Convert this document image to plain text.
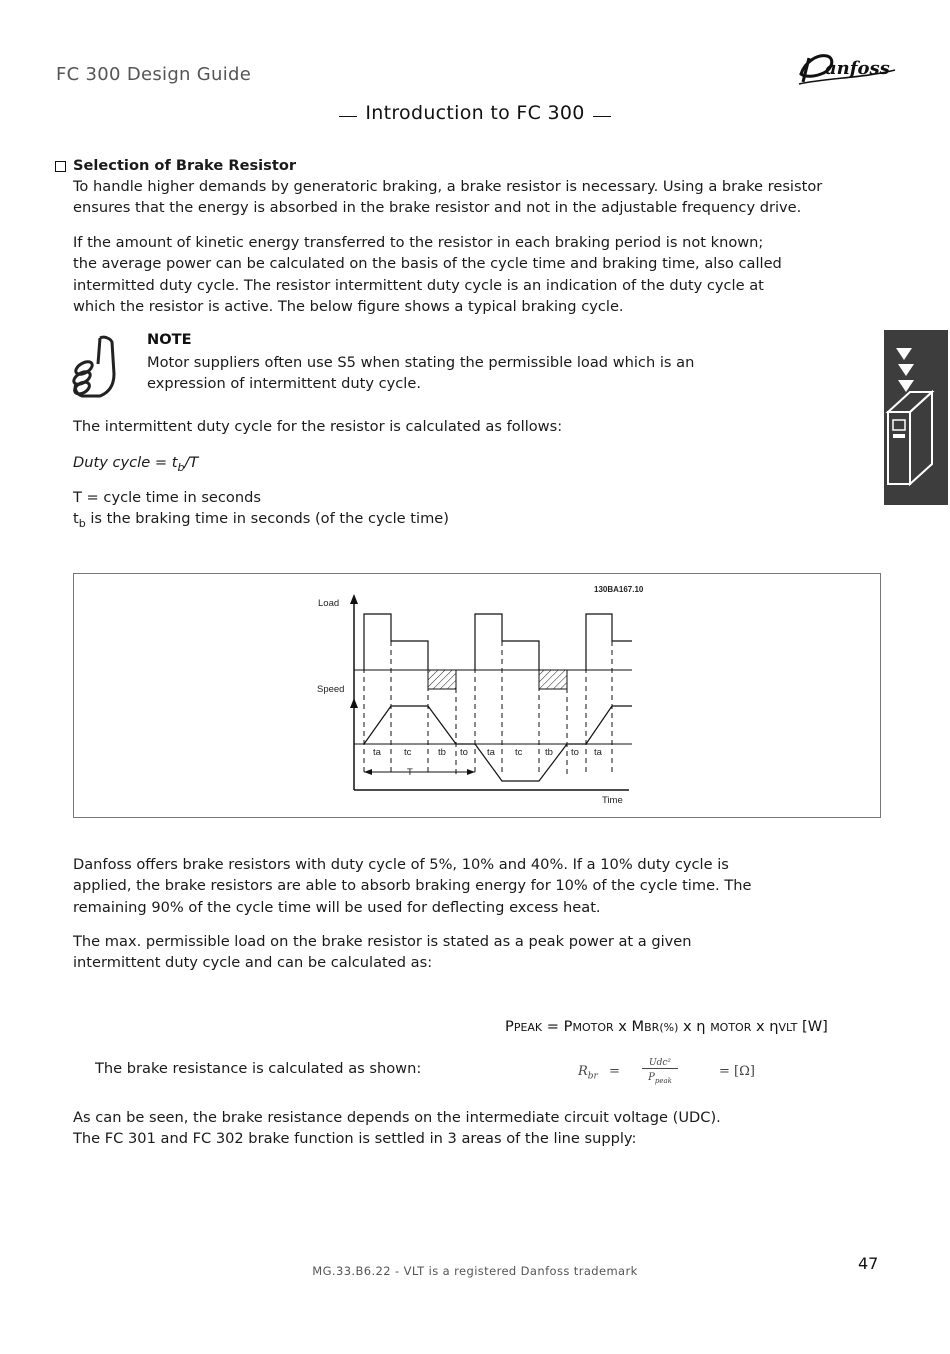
FC 300 Design Guide	anfoss
Introduction to FC 300
Selection of Brake Resistor
To handle higher demands by generatoric braking, a brake resistor is necessary. Using a brake resistor
ensures that the energy is absorbed in the brake resistor and not in the adjustable frequency drive.
If the amount of kinetic energy transferred to the resistor in each braking period is not known;
the average power can be calculated on the basis of the cycle time and braking time, also called
intermitted duty cycle. The resistor intermittent duty cycle is an indication of the duty cycle at
which the resistor is active. The below figure shows a typical braking cycle.
NOTE
Motor suppliers often use S5 when stating the permissible load which is an
expression of intermittent duty cycle.
The intermittent duty cycle for the resistor is calculated as follows:
Duty cycle = $t_b/T$
T = cycle time in seconds
$t_b$ is the braking time in seconds (of the cycle time)
130BA167.10
Load
Speed
Time
ta tc	tb to ta tc tb to ta
T
Danfoss offers brake resistors with duty cycle of 5%, 10% and 40%. If a 10% duty cycle is
applied, the brake resistors are able to absorb braking energy for 10% of the cycle time. The
remaining 90% of the cycle time will be used for deflecting excess heat.
The max. permissible load on the brake resistor is stated as a peak power at a given
intermittent duty cycle and can be calculated as:
PPEAK = PMOTOR x MBR(%) x η MOTOR x ηVLT [W]
The brake resistance is calculated as shown:	$R_{br}$ =
Udc²
$P_{peak}$
= [Ω]
As can be seen, the brake resistance depends on the intermediate circuit voltage (UDC).
The FC 301 and FC 302 brake function is settled in 3 areas of the line supply:
MG.33.B6.22 - VLT is a registered Danfoss trademark	47
